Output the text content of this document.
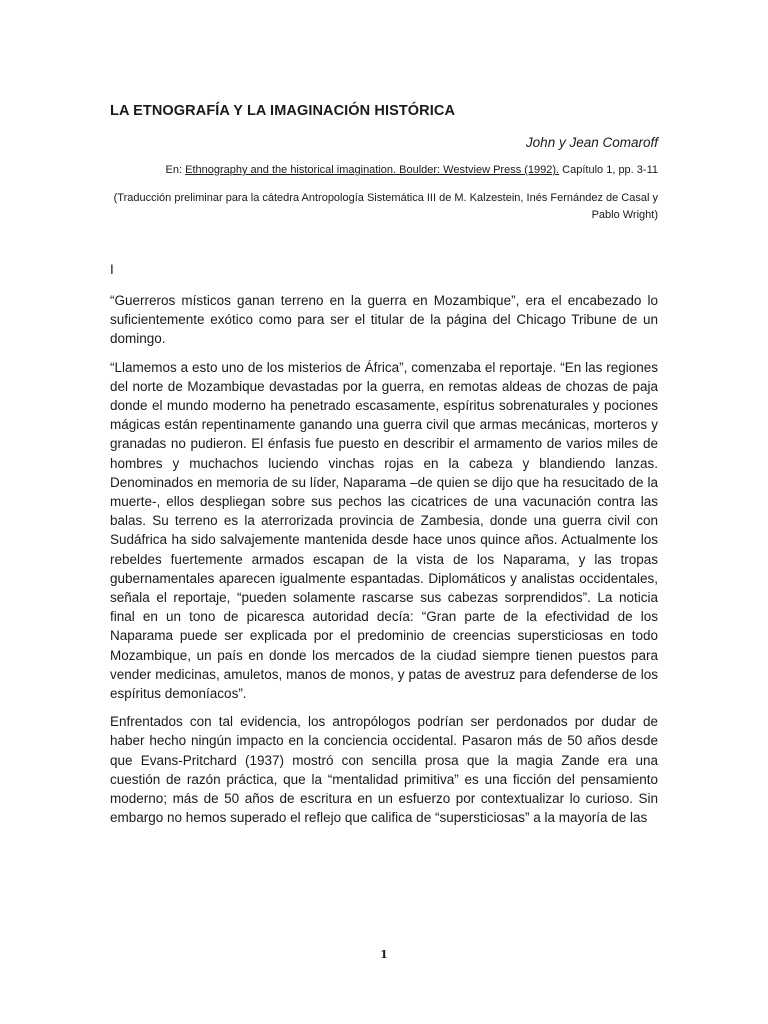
LA ETNOGRAFÍA Y LA IMAGINACIÓN HISTÓRICA
John y Jean Comaroff
En: Ethnography and the historical imagination. Boulder: Westview Press (1992). Capítulo 1, pp. 3-11
(Traducción preliminar para la cátedra Antropología Sistemática III de M. Kalzestein, Inés Fernández de Casal y Pablo Wright)
I

“Guerreros místicos ganan terreno en la guerra en Mozambique”, era el encabezado lo suficientemente exótico como para ser el titular de la página del Chicago Tribune de un domingo.

“Llamemos a esto uno de los misterios de África”, comenzaba el reportaje. “En las regiones del norte de Mozambique devastadas por la guerra, en remotas aldeas de chozas de paja donde el mundo moderno ha penetrado escasamente, espíritus sobrenaturales y pociones mágicas están repentinamente ganando una guerra civil que armas mecánicas, morteros y granadas no pudieron. El énfasis fue puesto en describir el armamento de varios miles de hombres y muchachos luciendo vinchas rojas en la cabeza y blandiendo lanzas. Denominados en memoria de su líder, Naparama –de quien se dijo que ha resucitado de la muerte-, ellos despliegan sobre sus pechos las cicatrices de una vacunación contra las balas. Su terreno es la aterrorizada provincia de Zambesia, donde una guerra civil con Sudáfrica ha sido salvajemente mantenida desde hace unos quince años. Actualmente los rebeldes fuertemente armados escapan de la vista de los Naparama, y las tropas gubernamentales aparecen igualmente espantadas. Diplomáticos y analistas occidentales, señala el reportaje, “pueden solamente rascarse sus cabezas sorprendidos”. La noticia final en un tono de picaresca autoridad decía: “Gran parte de la efectividad de los Naparama puede ser explicada por el predominio de creencias supersticiosas en todo Mozambique, un país en donde los mercados de la ciudad siempre tienen puestos para vender medicinas, amuletos, manos de monos, y patas de avestruz para defenderse de los espíritus demoníacos”.

Enfrentados con tal evidencia, los antropólogos podrían ser perdonados por dudar de haber hecho ningún impacto en la conciencia occidental. Pasaron más de 50 años desde que Evans-Pritchard (1937) mostró con sencilla prosa que la magia Zande era una cuestión de razón práctica, que la “mentalidad primitiva” es una ficción del pensamiento moderno; más de 50 años de escritura en un esfuerzo por contextualizar lo curioso. Sin embargo no hemos superado el reflejo que califica de “supersticiosas” a la mayoría de las

1
